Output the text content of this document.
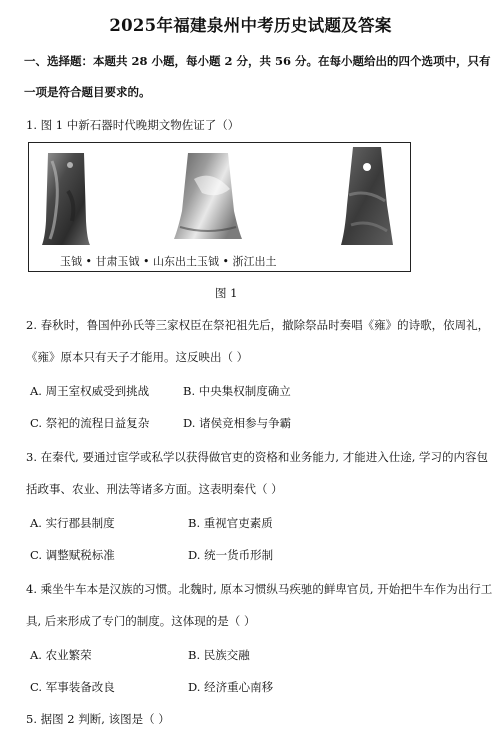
2025年福建泉州中考历史试题及答案
一、选择题：本题共 28 小题，每小题 2 分，共 56 分。在每小题给出的四个选项中，只有
一项是符合题目要求的。
1. 图 1 中新石器时代晚期文物佐证了（）
玉钺 • 甘肃玉钺 • 山东出土玉钺 • 浙江出土
图 1
2. 春秋时，鲁国仲孙氏等三家权臣在祭祀祖先后，撤除祭品时奏唱《雍》的诗歌，依周礼，
《雍》原本只有天子才能用。这反映出（ ）
A. 周王室权威受到挑战	B. 中央集权制度确立
C. 祭祀的流程日益复杂	D. 诸侯竞相参与争霸
3. 在秦代, 要通过宦学或私学以获得做官吏的资格和业务能力, 才能进入仕途, 学习的内容包
括政事、农业、刑法等诸多方面。这表明秦代（ ）
A. 实行郡县制度	B. 重视官吏素质
C. 调整赋税标准	D. 统一货币形制
4. 乘坐牛车本是汉族的习惯。北魏时, 原本习惯纵马疾驰的鲜卑官员, 开始把牛车作为出行工
具, 后来形成了专门的制度。这体现的是（ ）
A. 农业繁荣	B. 民族交融
C. 军事装备改良	D. 经济重心南移
5. 据图 2 判断, 该图是（ ）
